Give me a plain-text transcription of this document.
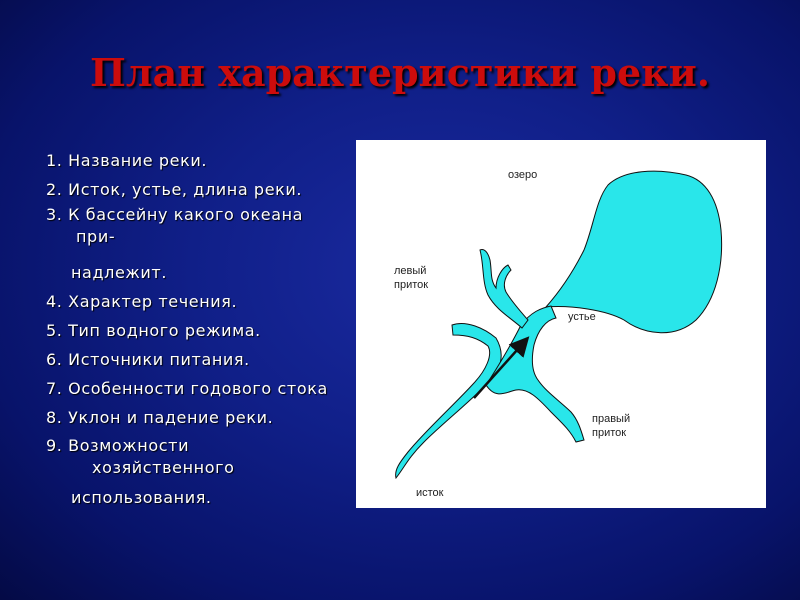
План характеристики реки.
1. Название реки.
2. Исток, устье, длина реки.
3. К бассейну какого океана
при-
надлежит.
4. Характер течения.
5. Тип водного режима.
6. Источники питания.
7. Особенности годового стока
8. Уклон и падение реки.
9. Возможности
хозяйственного
использования.
озеро
левый
приток
устье
правый
приток
исток
